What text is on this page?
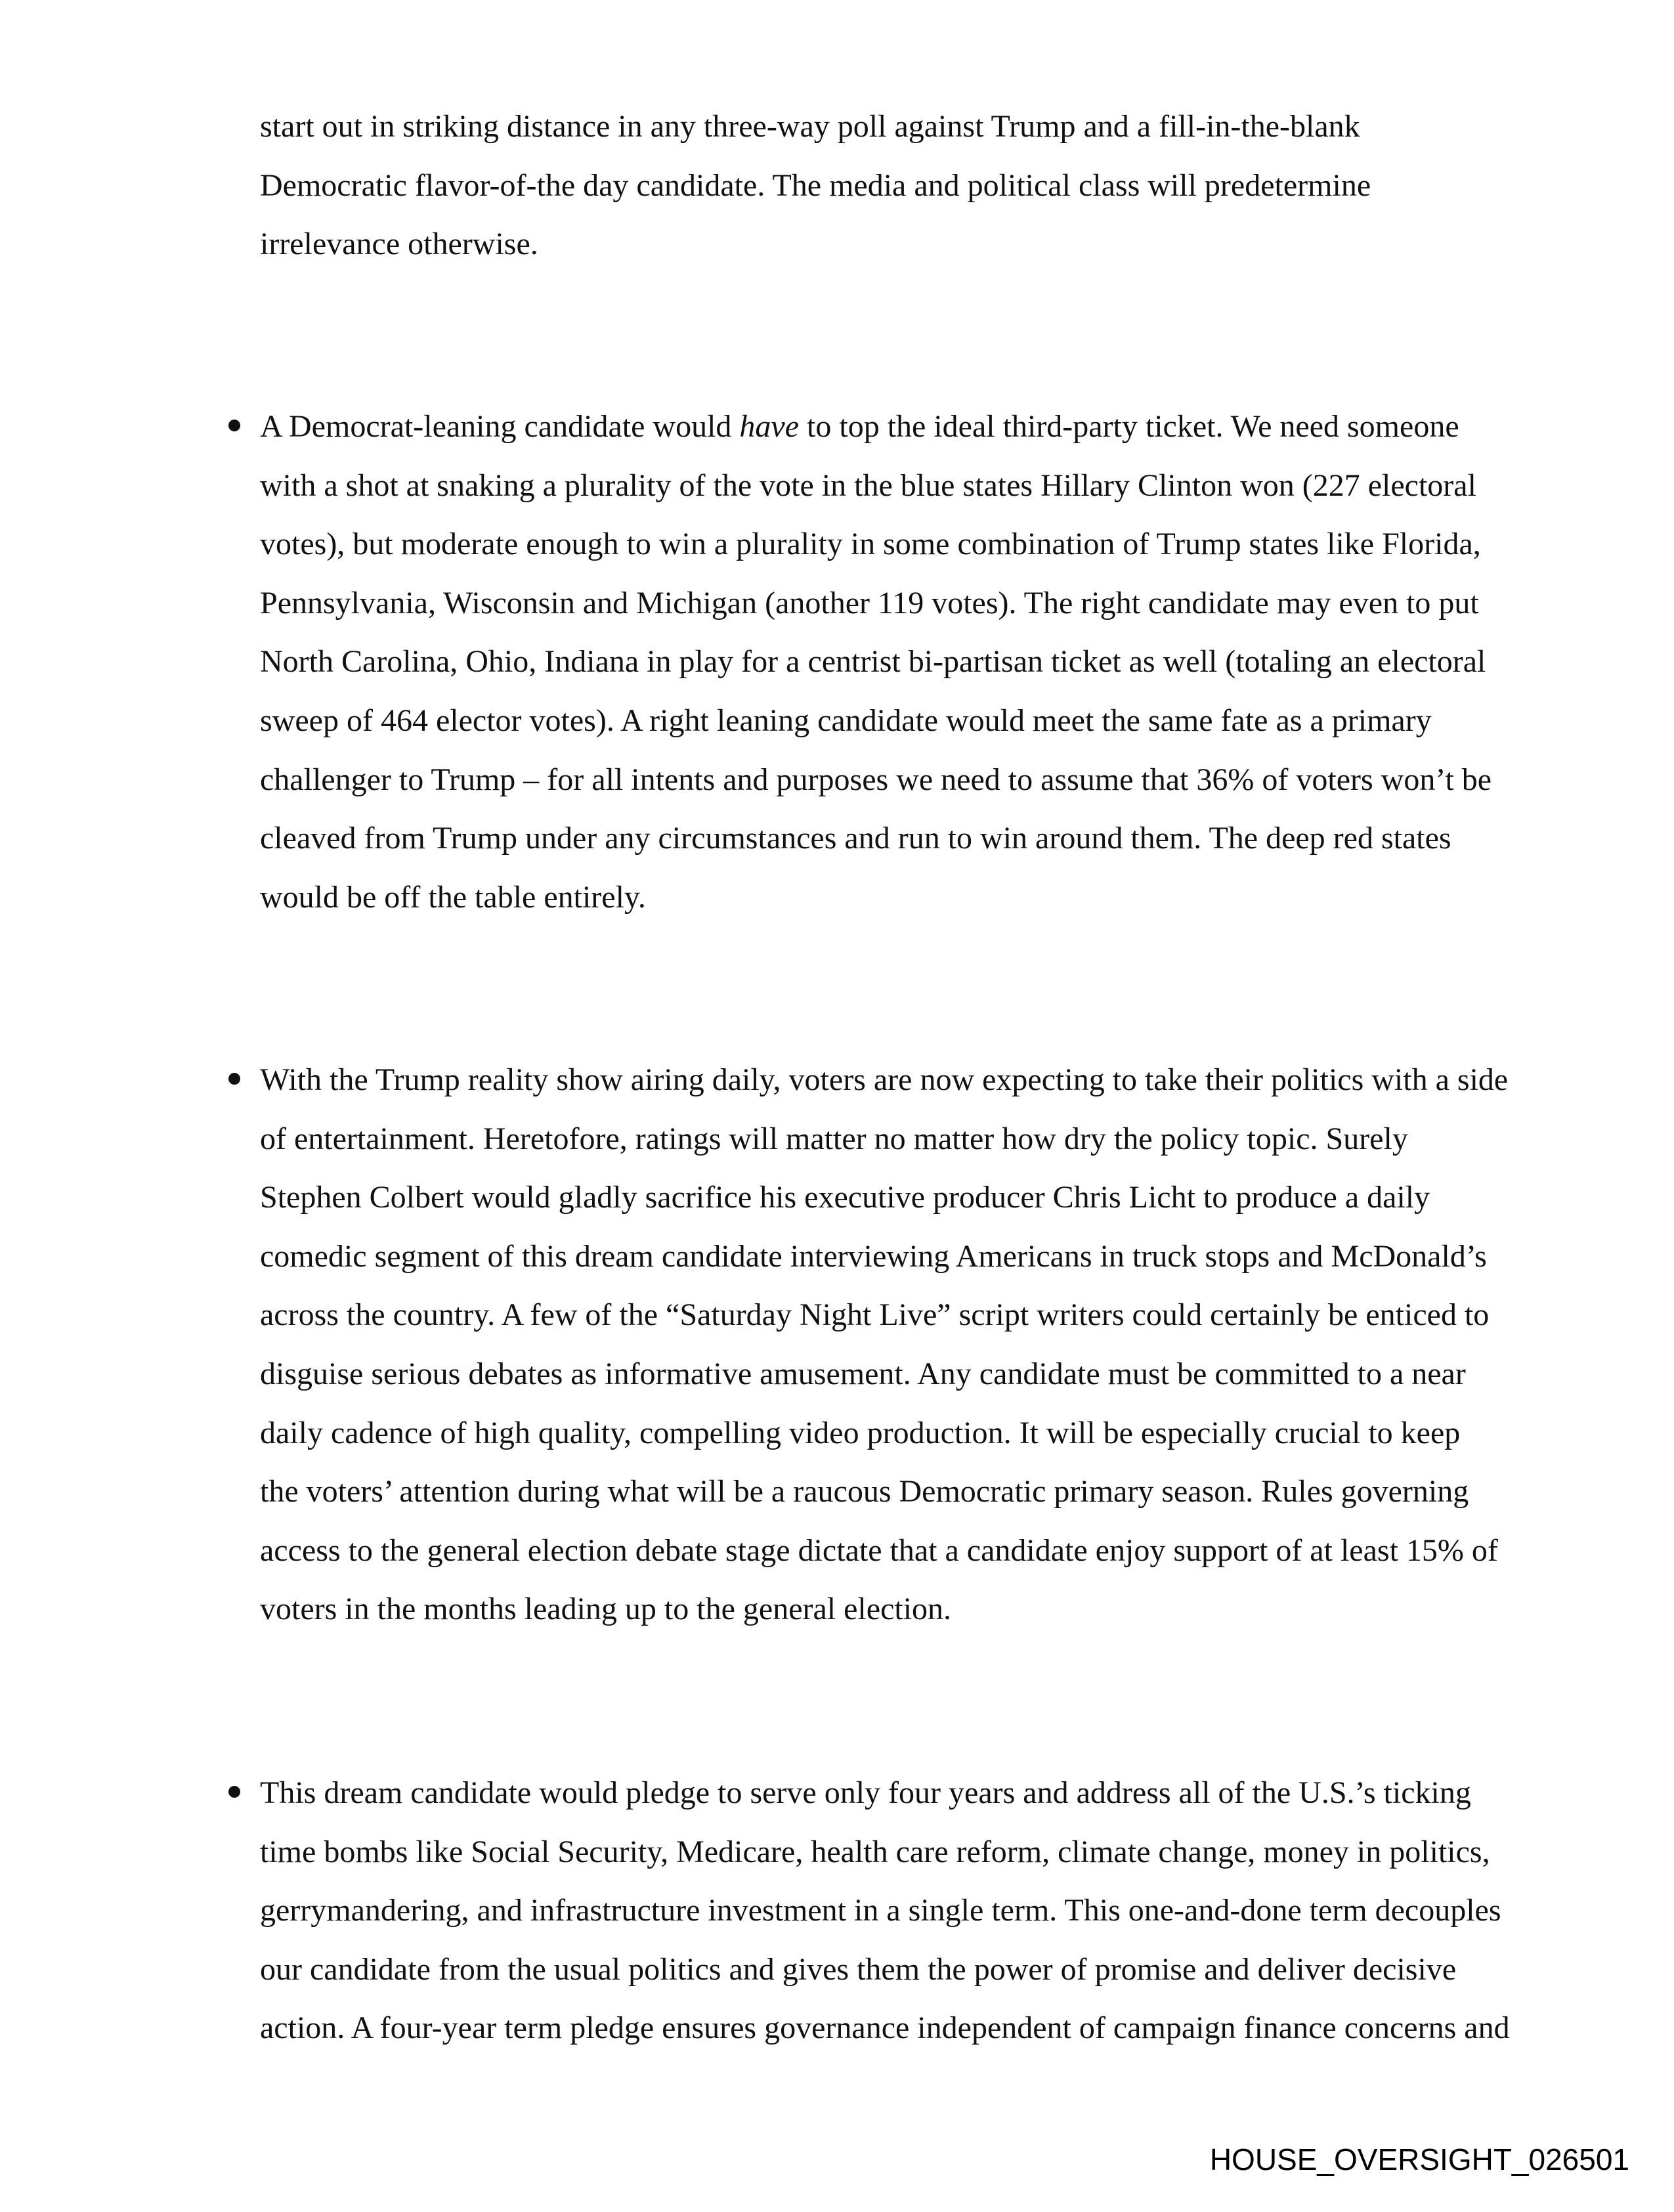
start out in striking distance in any three-way poll against Trump and a fill-in-the-blank
Democratic flavor-of-the day candidate. The media and political class will predetermine
irrelevance otherwise.
A Democrat-leaning candidate would have to top the ideal third-party ticket. We need someone
with a shot at snaking a plurality of the vote in the blue states Hillary Clinton won (227 electoral
votes), but moderate enough to win a plurality in some combination of Trump states like Florida,
Pennsylvania, Wisconsin and Michigan (another 119 votes). The right candidate may even to put
North Carolina, Ohio, Indiana in play for a centrist bi-partisan ticket as well (totaling an electoral
sweep of 464 elector votes). A right leaning candidate would meet the same fate as a primary
challenger to Trump – for all intents and purposes we need to assume that 36% of voters won’t be
cleaved from Trump under any circumstances and run to win around them. The deep red states
would be off the table entirely.
With the Trump reality show airing daily, voters are now expecting to take their politics with a side
of entertainment. Heretofore, ratings will matter no matter how dry the policy topic. Surely
Stephen Colbert would gladly sacrifice his executive producer Chris Licht to produce a daily
comedic segment of this dream candidate interviewing Americans in truck stops and McDonald’s
across the country. A few of the “Saturday Night Live” script writers could certainly be enticed to
disguise serious debates as informative amusement. Any candidate must be committed to a near
daily cadence of high quality, compelling video production. It will be especially crucial to keep
the voters’ attention during what will be a raucous Democratic primary season. Rules governing
access to the general election debate stage dictate that a candidate enjoy support of at least 15% of
voters in the months leading up to the general election.
This dream candidate would pledge to serve only four years and address all of the U.S.’s ticking
time bombs like Social Security, Medicare, health care reform, climate change, money in politics,
gerrymandering, and infrastructure investment in a single term. This one-and-done term decouples
our candidate from the usual politics and gives them the power of promise and deliver decisive
action. A four-year term pledge ensures governance independent of campaign finance concerns and
HOUSE_OVERSIGHT_026501
